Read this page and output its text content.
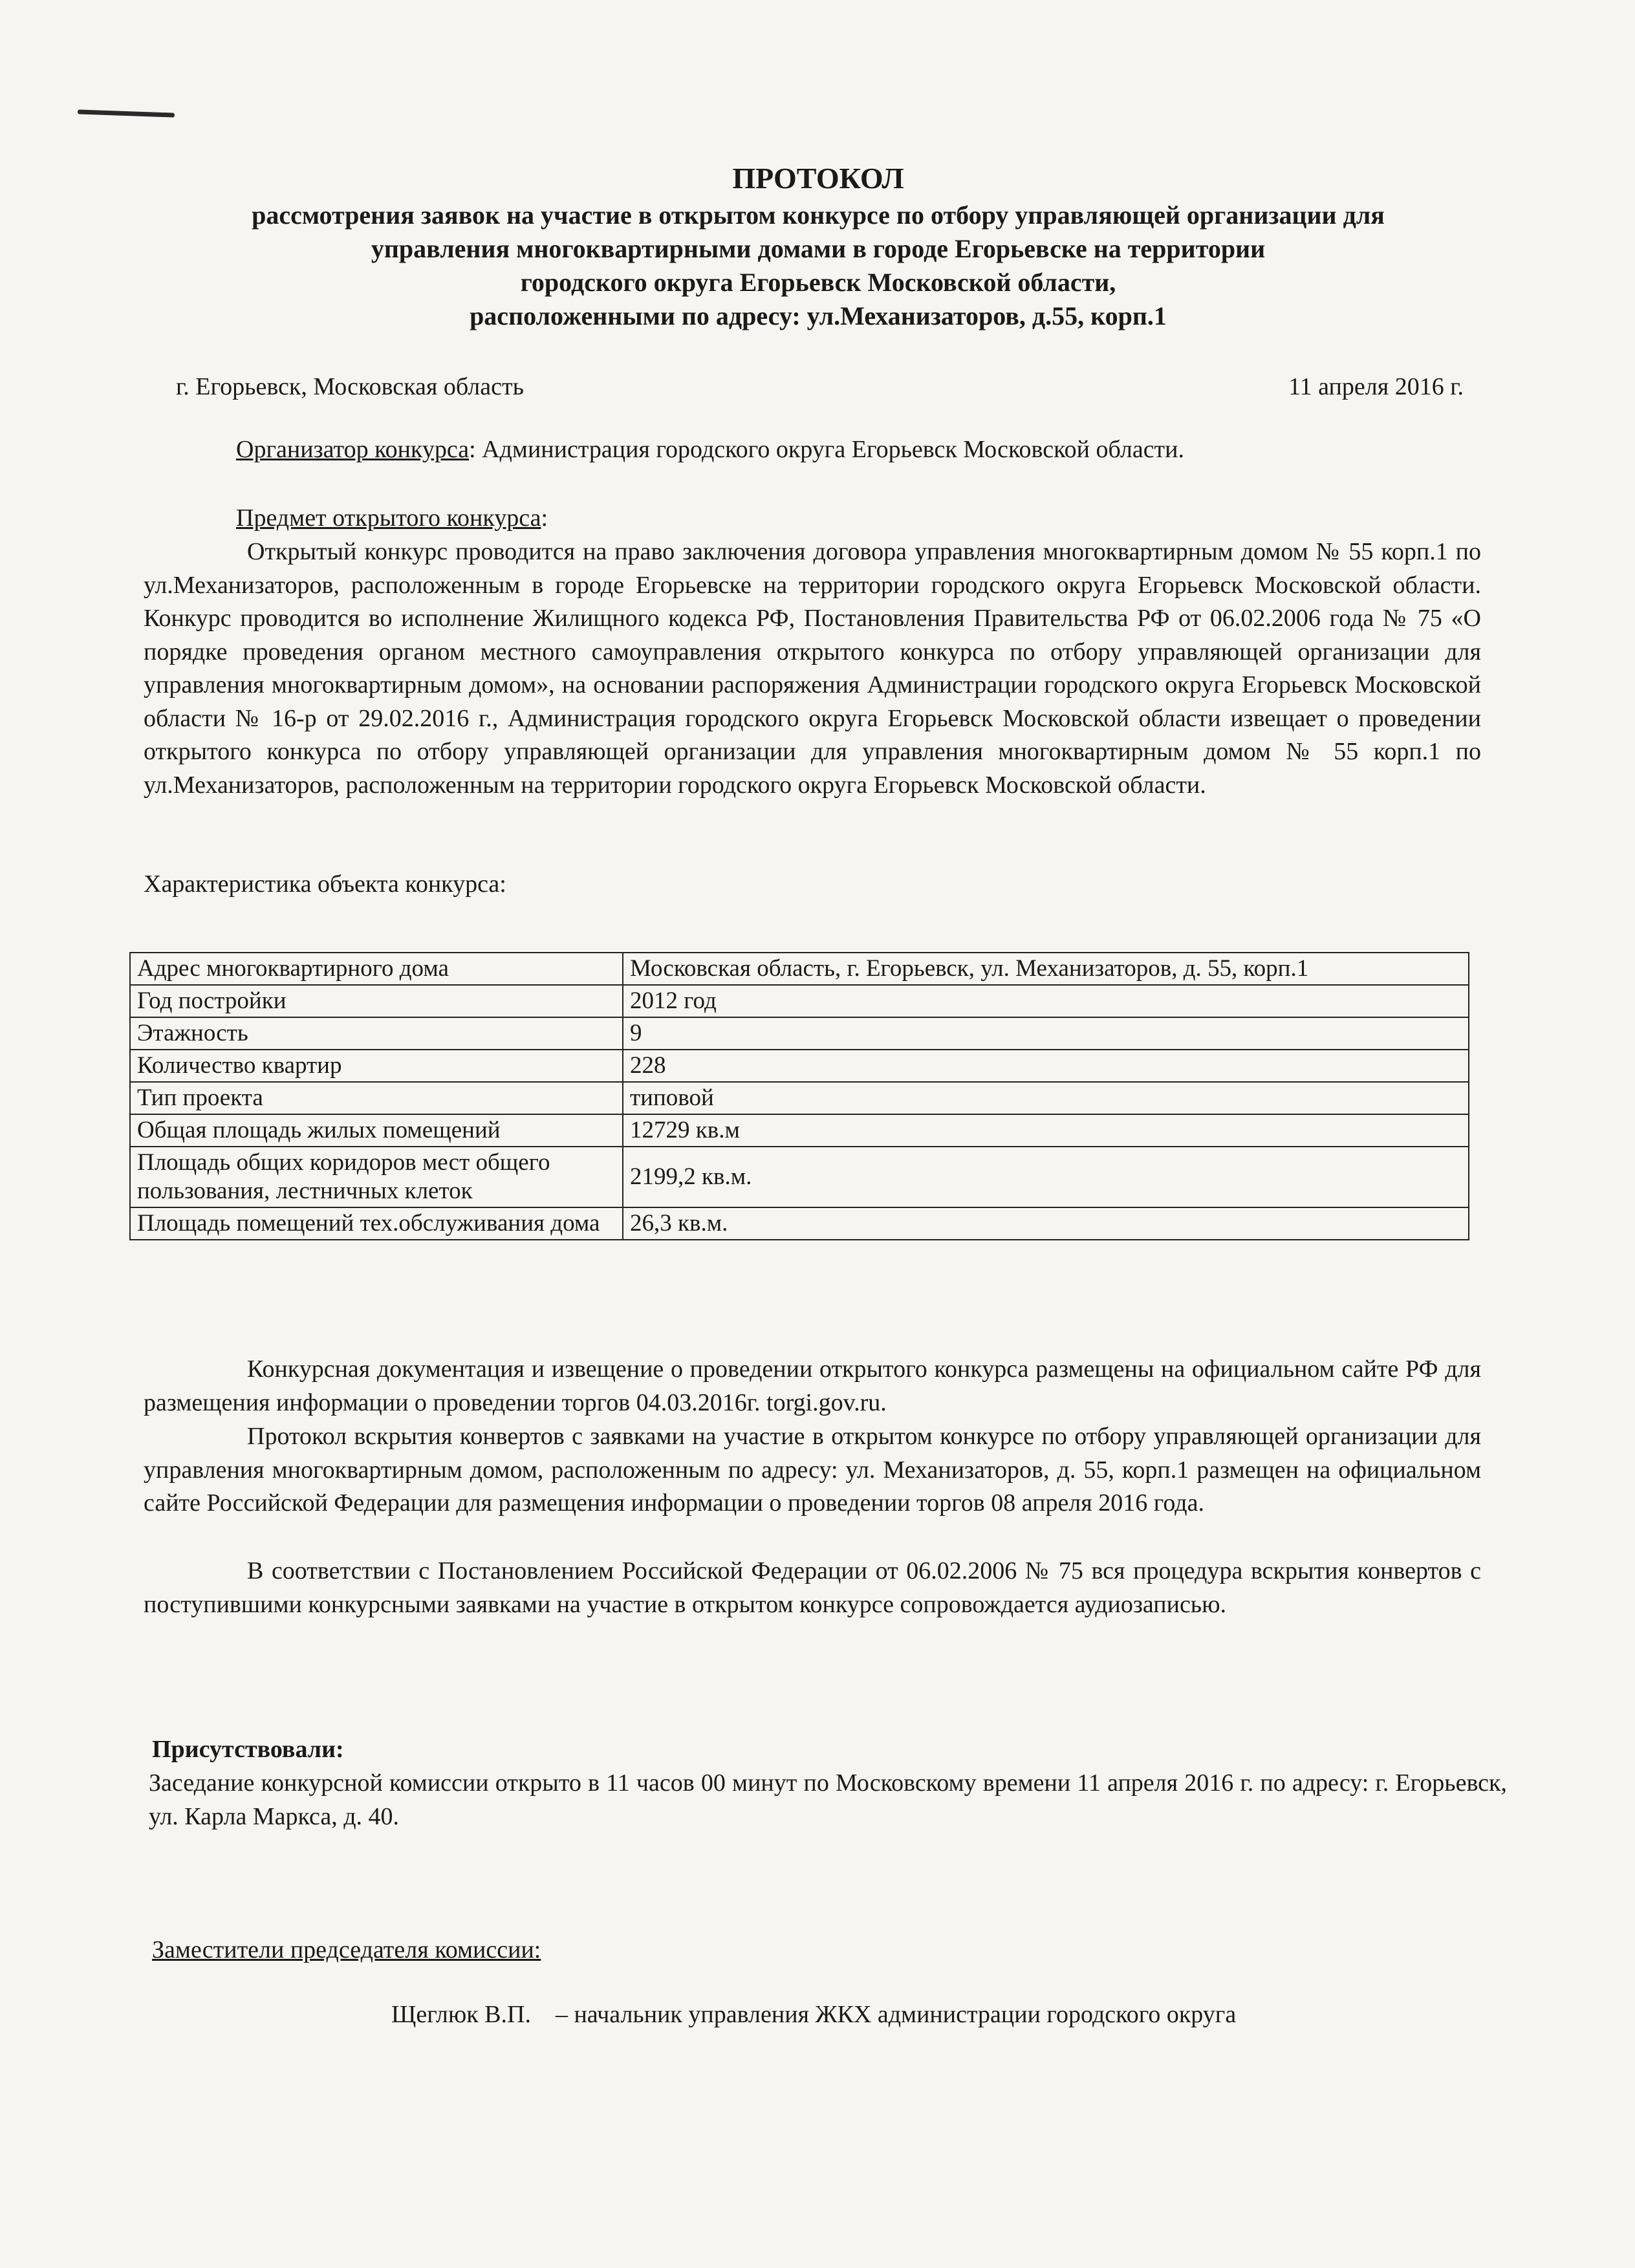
ПРОТОКОЛ
рассмотрения заявок на участие в открытом конкурсе по отбору управляющей организации для
управления многоквартирными домами в городе Егорьевске на территории
городского округа Егорьевск Московской области,
расположенными по адресу: ул.Механизаторов, д.55, корп.1
г. Егорьевск, Московская область	11 апреля 2016 г.
Организатор конкурса: Администрация городского округа Егорьевск Московской области.
Предмет открытого конкурса:
Открытый конкурс проводится на право заключения договора управления многоквартирным домом № 55 корп.1 по ул.Механизаторов, расположенным в городе Егорьевске на территории городского округа Егорьевск Московской области. Конкурс проводится во исполнение Жилищного кодекса РФ, Постановления Правительства РФ от 06.02.2006 года № 75 «О порядке проведения органом местного самоуправления открытого конкурса по отбору управляющей организации для управления многоквартирным домом», на основании распоряжения Администрации городского округа Егорьевск Московской области № 16-р от 29.02.2016 г., Администрация городского округа Егорьевск Московской области извещает о проведении открытого конкурса по отбору управляющей организации для управления многоквартирным домом № 55 корп.1 по ул.Механизаторов, расположенным на территории городского округа Егорьевск Московской области.
Характеристика объекта конкурса:
Адрес многоквартирного дома	Московская область, г. Егорьевск, ул. Механизаторов, д. 55, корп.1
Год постройки	2012 год
Этажность	9
Количество квартир	228
Тип проекта	типовой
Общая площадь жилых помещений	12729 кв.м
Площадь общих коридоров мест общего пользования, лестничных клеток	2199,2 кв.м.
Площадь помещений тех.обслуживания дома	26,3 кв.м.
Конкурсная документация и извещение о проведении открытого конкурса размещены на официальном сайте РФ для размещения информации о проведении торгов 04.03.2016г. torgi.gov.ru.
Протокол вскрытия конвертов с заявками на участие в открытом конкурсе по отбору управляющей организации для управления многоквартирным домом, расположенным по адресу: ул. Механизаторов, д. 55, корп.1 размещен на официальном сайте Российской Федерации для размещения информации о проведении торгов 08 апреля 2016 года.
В соответствии с Постановлением Российской Федерации от 06.02.2006 № 75 вся процедура вскрытия конвертов с поступившими конкурсными заявками на участие в открытом конкурсе сопровождается аудиозаписью.
Присутствовали:
Заседание конкурсной комиссии открыто в 11 часов 00 минут по Московскому времени 11 апреля 2016 г. по адресу: г. Егорьевск, ул. Карла Маркса, д. 40.
Заместители председателя комиссии:
Щеглюк В.П. – начальник управления ЖКХ администрации городского округа
